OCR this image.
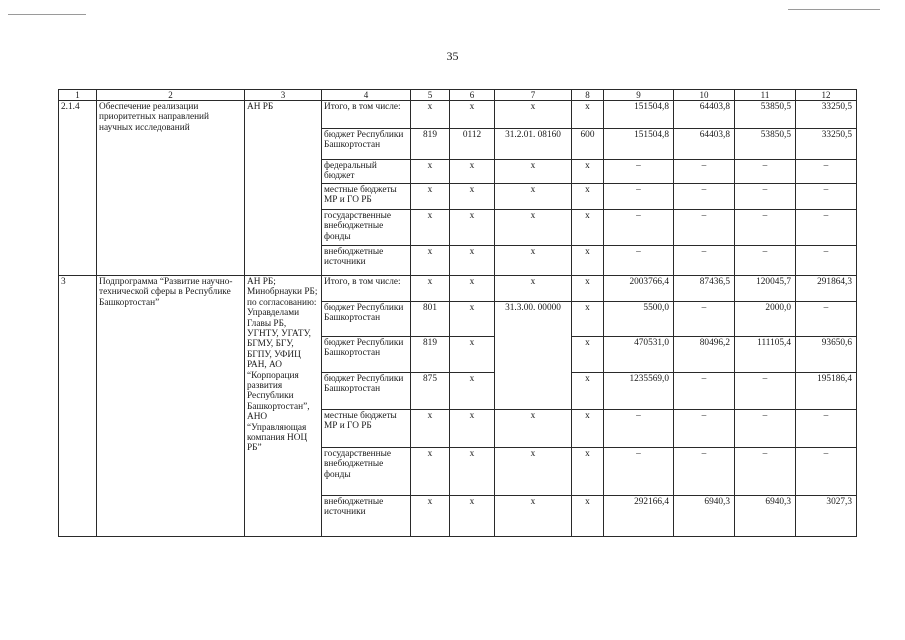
35
1	2	3	4	5	6	7	8	9	10	11	12
2.1.4	Обеспечение реализации приоритетных направлений научных исследований	АН РБ	Итого, в том числе:	х	х	х	х	151504,8	64403,8	53850,5	33250,5
			бюджет Республики Башкортостан	819	0112	31.2.01. 08160	600	151504,8	64403,8	53850,5	33250,5
			федеральный бюджет	х	х	х	х	–	–	–	–
			местные бюджеты МР и ГО РБ	х	х	х	х	–	–	–	–
			государственные внебюджетные фонды	х	х	х	х	–	–	–	–
			внебюджетные источники	х	х	х	х	–	–	–	–
3	Подпрограмма “Развитие научно-технической сферы в Республике Башкортостан”	АН РБ; Минобрнауки РБ; по согласованию: Управделами Главы РБ, УГНТУ, УГАТУ, БГМУ, БГУ, БГПУ, УФИЦ РАН, АО “Корпорация развития Республики Башкортостан”, АНО “Управляющая компания НОЦ РБ”	Итого, в том числе:	х	х	х	х	2003766,4	87436,5	120045,7	291864,3
			бюджет Республики Башкортостан	801	х	31.3.00. 00000	х	5500,0	–	2000,0	–
			бюджет Республики Башкортостан	819	х		х	470531,0	80496,2	111105,4	93650,6
			бюджет Республики Башкортостан	875	х		х	1235569,0	–	–	195186,4
			местные бюджеты МР и ГО РБ	х	х	х	х	–	–	–	–
			государственные внебюджетные фонды	х	х	х	х	–	–	–	–
			внебюджетные источники	х	х	х	х	292166,4	6940,3	6940,3	3027,3
